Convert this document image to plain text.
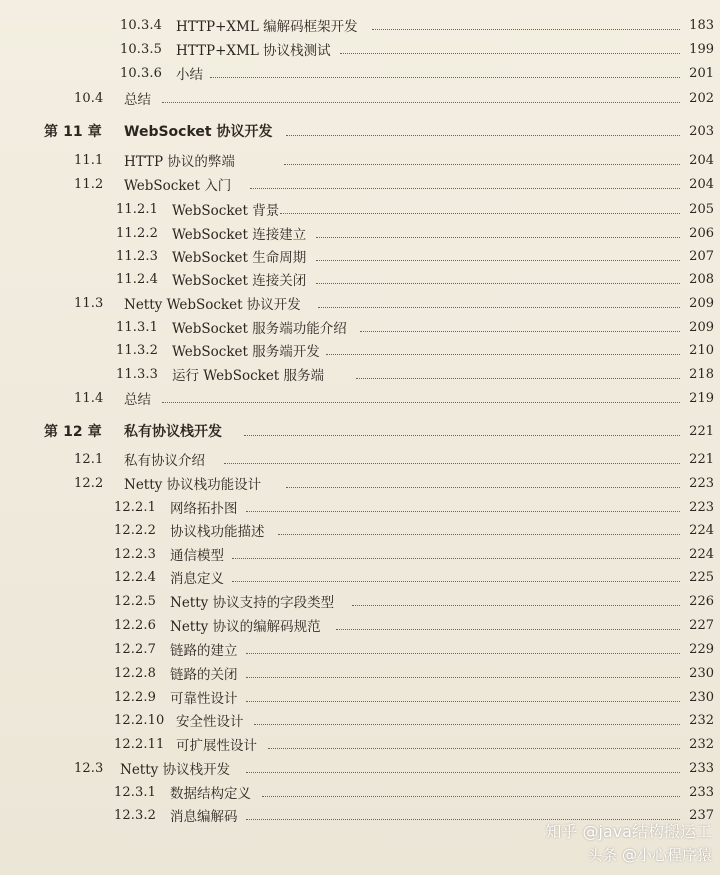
10.3.4 HTTP+XML 编解码框架开发	183
10.3.5 HTTP+XML 协议栈测试	199
10.3.6 小结	201
10.4 总结	202
第 11 章 WebSocket 协议开发	203
11.1 HTTP 协议的弊端	204
11.2 WebSocket 入门	204
11.2.1 WebSocket 背景	205
11.2.2 WebSocket 连接建立	206
11.2.3 WebSocket 生命周期	207
11.2.4 WebSocket 连接关闭	208
11.3 Netty WebSocket 协议开发	209
11.3.1 WebSocket 服务端功能介绍	209
11.3.2 WebSocket 服务端开发	210
11.3.3 运行 WebSocket 服务端	218
11.4 总结	219
第 12 章 私有协议栈开发	221
12.1 私有协议介绍	221
12.2 Netty 协议栈功能设计	223
12.2.1 网络拓扑图	223
12.2.2 协议栈功能描述	224
12.2.3 通信模型	224
12.2.4 消息定义	225
12.2.5 Netty 协议支持的字段类型	226
12.2.6 Netty 协议的编解码规范	227
12.2.7 链路的建立	229
12.2.8 链路的关闭	230
12.2.9 可靠性设计	230
12.2.10 安全性设计	232
12.2.11 可扩展性设计	232
12.3 Netty 协议栈开发	233
12.3.1 数据结构定义	233
12.3.2 消息编解码	237
知乎 @java结构搬运工
头条 @小心程序猿
